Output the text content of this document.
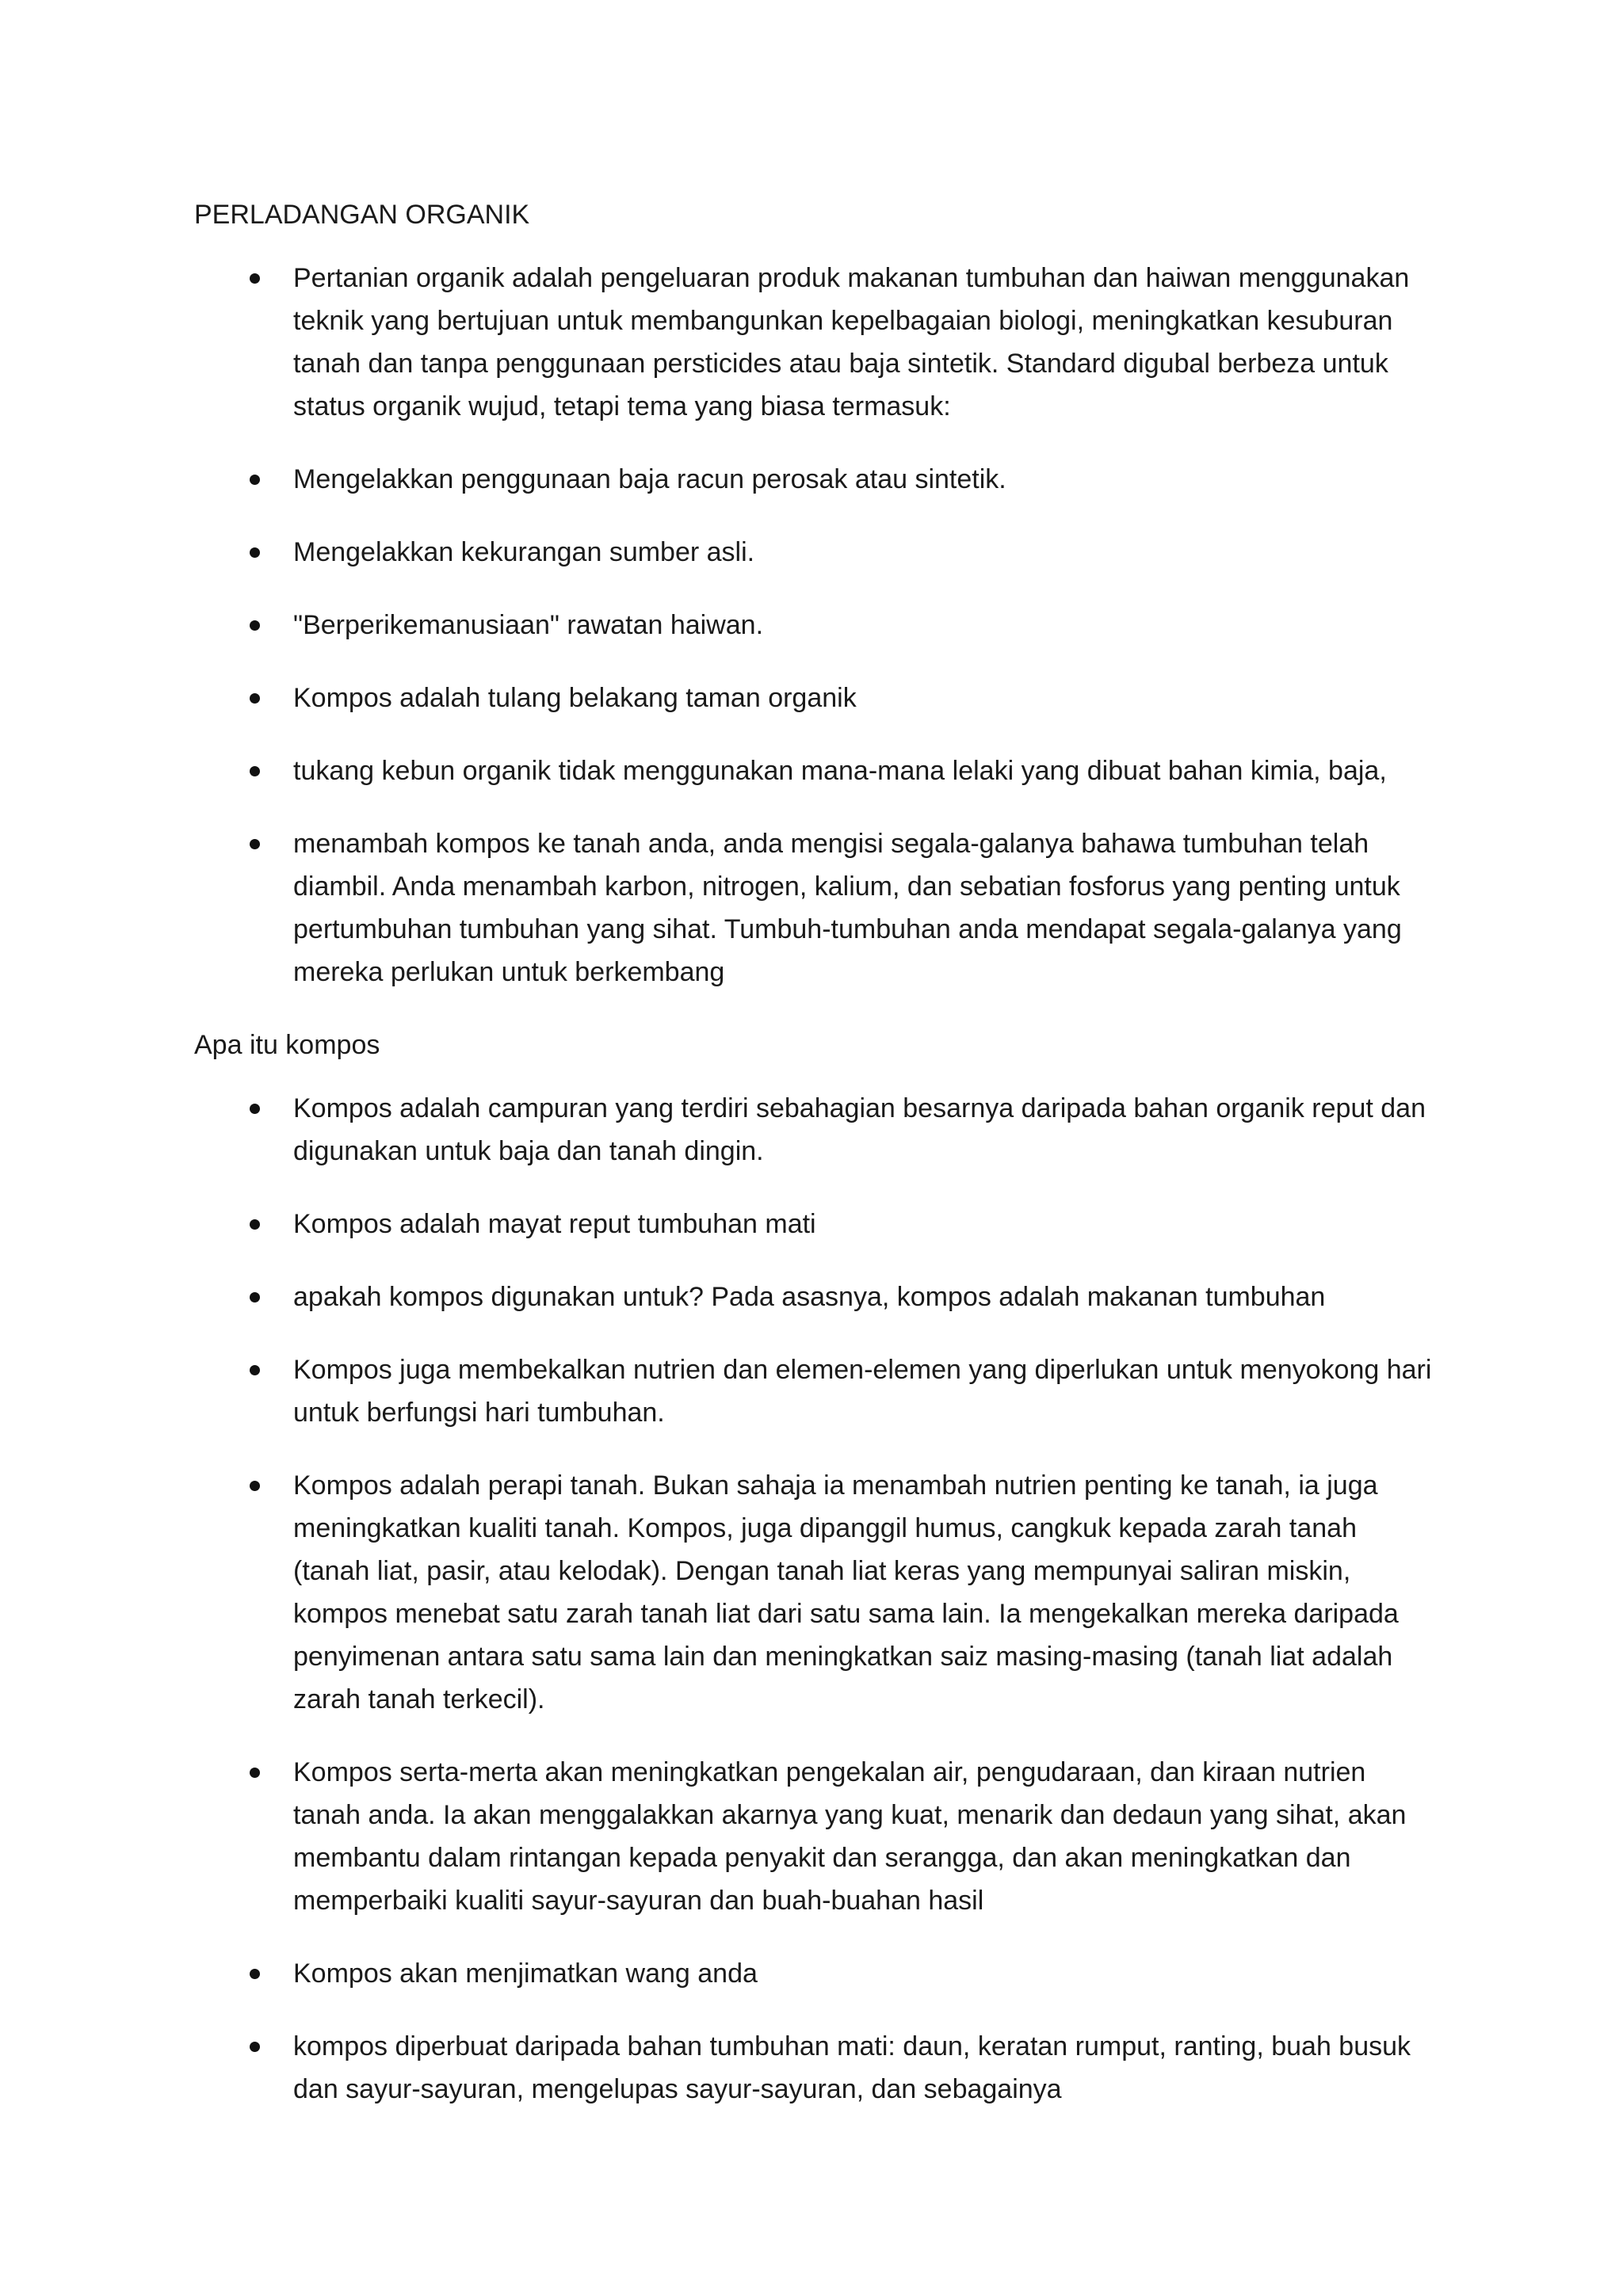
PERLADANGAN ORGANIK
Pertanian organik adalah pengeluaran produk makanan tumbuhan dan haiwan menggunakan teknik yang bertujuan untuk membangunkan kepelbagaian biologi, meningkatkan kesuburan tanah dan tanpa penggunaan persticides atau baja sintetik. Standard digubal berbeza untuk status organik wujud, tetapi tema yang biasa termasuk:
Mengelakkan penggunaan baja racun perosak atau sintetik.
Mengelakkan kekurangan sumber asli.
"Berperikemanusiaan" rawatan haiwan.
Kompos adalah tulang belakang taman organik
tukang kebun organik tidak menggunakan mana-mana lelaki yang dibuat bahan kimia, baja,
menambah kompos ke tanah anda, anda mengisi segala-galanya bahawa tumbuhan telah diambil. Anda menambah karbon, nitrogen, kalium, dan sebatian fosforus yang penting untuk pertumbuhan tumbuhan yang sihat. Tumbuh-tumbuhan anda mendapat segala-galanya yang mereka perlukan untuk berkembang
Apa itu kompos
Kompos adalah campuran yang terdiri sebahagian besarnya daripada bahan organik reput dan digunakan untuk baja dan tanah dingin.
Kompos adalah mayat reput tumbuhan mati
apakah kompos digunakan untuk? Pada asasnya, kompos adalah makanan tumbuhan
Kompos juga membekalkan nutrien dan elemen-elemen yang diperlukan untuk menyokong hari untuk berfungsi hari tumbuhan.
Kompos adalah perapi tanah. Bukan sahaja ia menambah nutrien penting ke tanah, ia juga meningkatkan kualiti tanah. Kompos, juga dipanggil humus, cangkuk kepada zarah tanah (tanah liat, pasir, atau kelodak). Dengan tanah liat keras yang mempunyai saliran miskin, kompos menebat satu zarah tanah liat dari satu sama lain. Ia mengekalkan mereka daripada penyimenan antara satu sama lain dan meningkatkan saiz masing-masing (tanah liat adalah zarah tanah terkecil).
Kompos serta-merta akan meningkatkan pengekalan air, pengudaraan, dan kiraan nutrien tanah anda. Ia akan menggalakkan akarnya yang kuat, menarik dan dedaun yang sihat, akan membantu dalam rintangan kepada penyakit dan serangga, dan akan meningkatkan dan memperbaiki kualiti sayur-sayuran dan buah-buahan hasil
Kompos akan menjimatkan wang anda
kompos diperbuat daripada bahan tumbuhan mati: daun, keratan rumput, ranting, buah busuk dan sayur-sayuran, mengelupas sayur-sayuran, dan sebagainya
